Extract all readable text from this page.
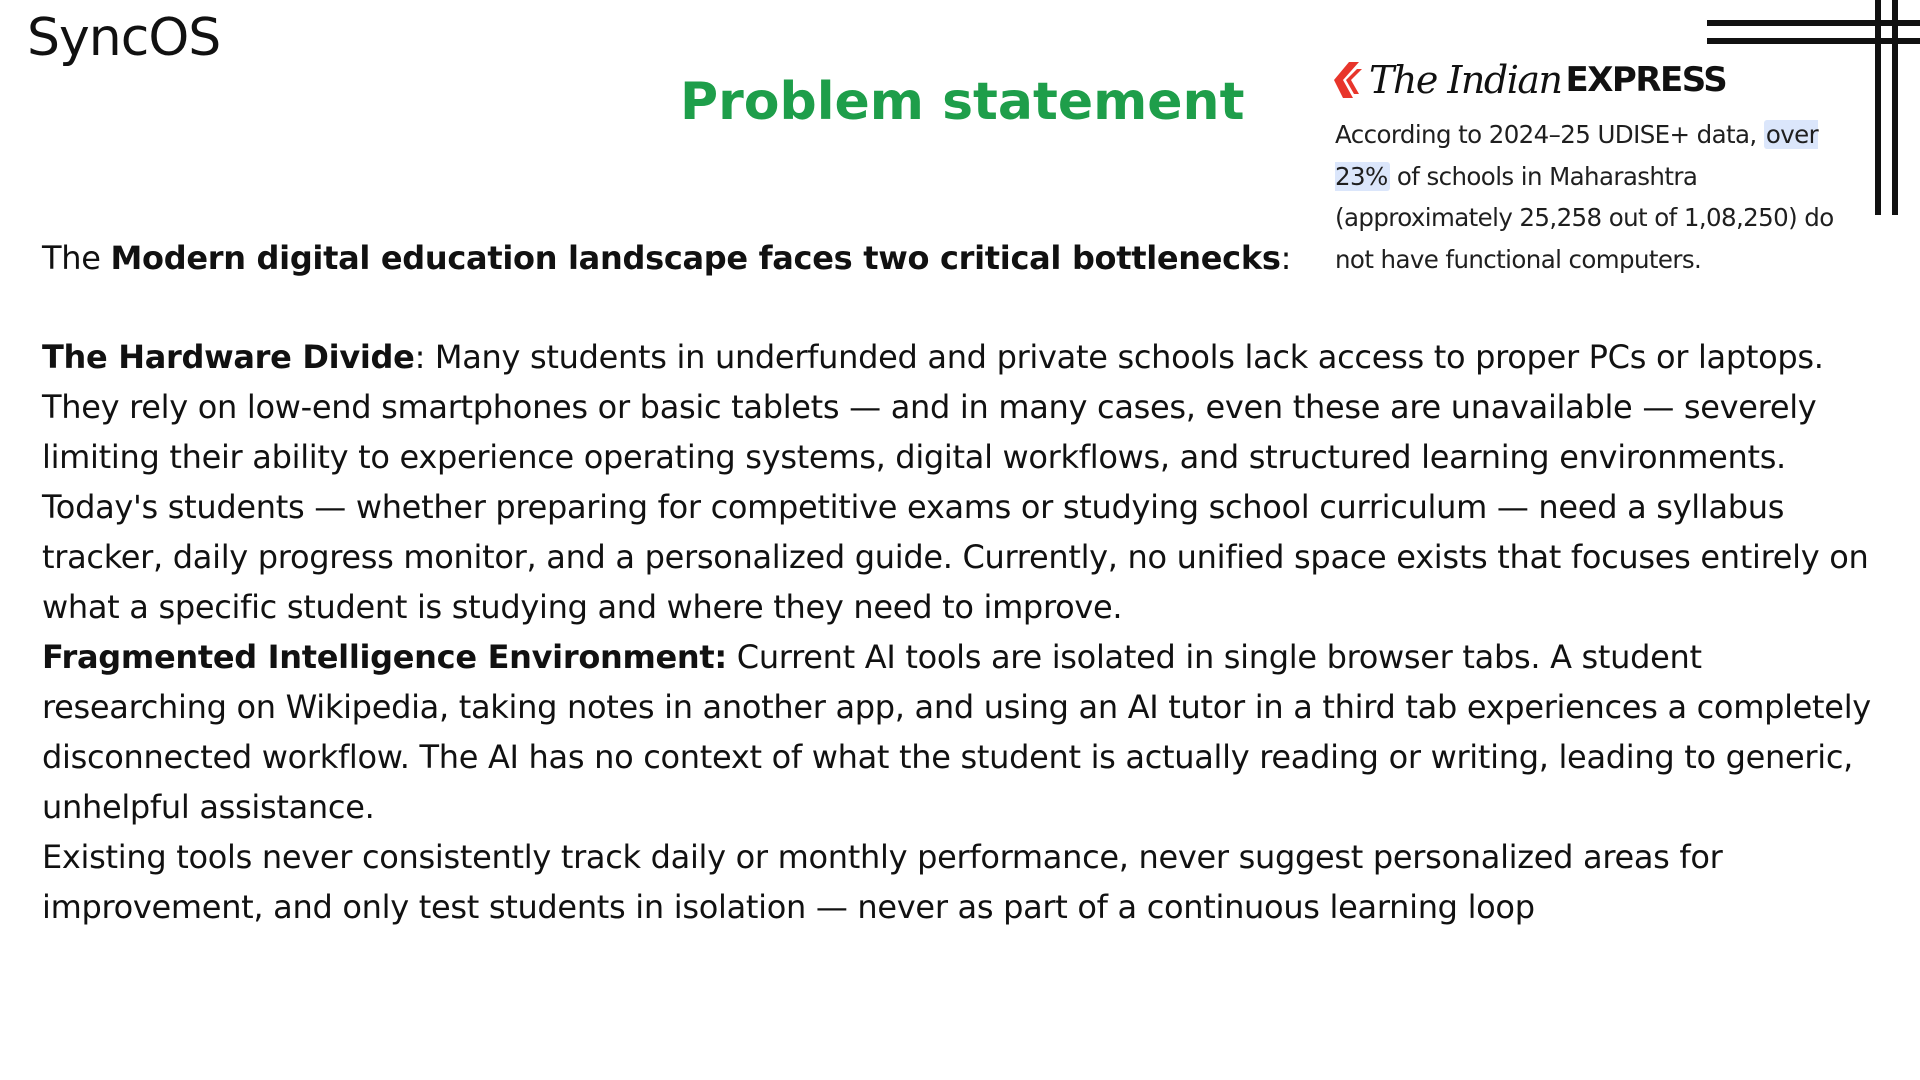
SyncOS
Problem statement	The Indian EXPRESS
According to 2024–25 UDISE+ data, over 23% of schools in Maharashtra (approximately 25,258 out of 1,08,250) do not have functional computers.
The Modern digital education landscape faces two critical bottlenecks:

The Hardware Divide: Many students in underfunded and private schools lack access to proper PCs or laptops. They rely on low-end smartphones or basic tablets — and in many cases, even these are unavailable — severely limiting their ability to experience operating systems, digital workflows, and structured learning environments.

Today's students — whether preparing for competitive exams or studying school curriculum — need a syllabus tracker, daily progress monitor, and a personalized guide. Currently, no unified space exists that focuses entirely on what a specific student is studying and where they need to improve.

Fragmented Intelligence Environment: Current AI tools are isolated in single browser tabs. A student researching on Wikipedia, taking notes in another app, and using an AI tutor in a third tab experiences a completely disconnected workflow. The AI has no context of what the student is actually reading or writing, leading to generic, unhelpful assistance.

Existing tools never consistently track daily or monthly performance, never suggest personalized areas for improvement, and only test students in isolation — never as part of a continuous learning loop
